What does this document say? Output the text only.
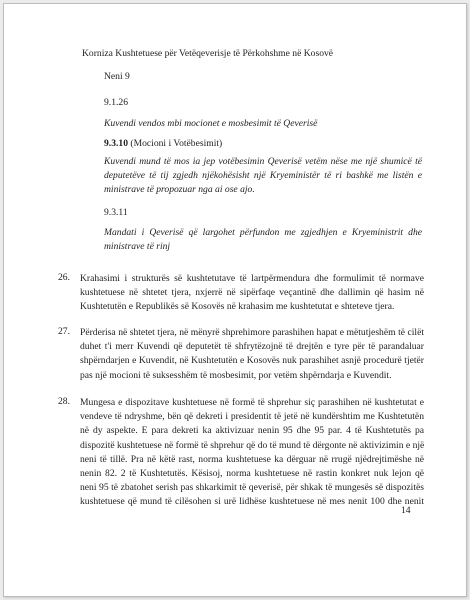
Korniza Kushtetuese për Vetëqeverisje të Përkohshme në Kosovë
Neni 9
9.1.26
Kuvendi vendos mbi mocionet e mosbesimit të Qeverisë
9.3.10 (Mocioni i Votëbesimit)
Kuvendi mund të mos ia jep votëbesimin Qeverisë vetëm nëse me një shumicë të
deputetëve të tij zgjedh njëkohësisht një Kryeministër të ri bashkë me listën e
ministrave të propozuar nga ai ose ajo.
9.3.11
Mandati i Qeverisë që largohet përfundon me zgjedhjen e Kryeministrit dhe
ministrave të rinj
26. Krahasimi i strukturës së kushtetutave të lartpërmendura dhe formulimit të normave
kushtetuese në shtetet tjera, nxjerrë në sipërfaqe veçantinë dhe dallimin që hasim në
Kushtetutën e Republikës së Kosovës në krahasim me kushtetutat e shteteve tjera.
27. Përderisa në shtetet tjera, në mënyrë shprehimore parashihen hapat e mëtutjeshëm të cilët
duhet t'i merr Kuvendi që deputetët të shfrytëzojnë të drejtën e tyre për të parandaluar
shpërndarjen e Kuvendit, në Kushtetutën e Kosovës nuk parashihet asnjë procedurë tjetër
pas një mocioni të suksesshëm të mosbesimit, por vetëm shpërndarja e Kuvendit.
28. Mungesa e dispozitave kushtetuese në formë të shprehur siç parashihen në kushtetutat e
vendeve të ndryshme, bën që dekreti i presidentit të jetë në kundërshtim me Kushtetutën
në dy aspekte. E para dekreti ka aktivizuar nenin 95 dhe 95 par. 4 të Kushtetutës pa
dispozitë kushtetuese në formë të shprehur që do të mund të dërgonte në aktivizimin e një
neni të tillë. Pra në këtë rast, norma kushtetuese ka dërguar në rrugë njëdrejtimëshe në
nenin 82. 2 të Kushtetutës. Kësisoj, norma kushtetuese në rastin konkret nuk lejon që
neni 95 të zbatohet serish pas shkarkimit të qeverisë, për shkak të mungesës së dispozitës
kushtetuese që mund të cilësohen si urë lidhëse kushtetuese në mes nenit 100 dhe nenit
14
